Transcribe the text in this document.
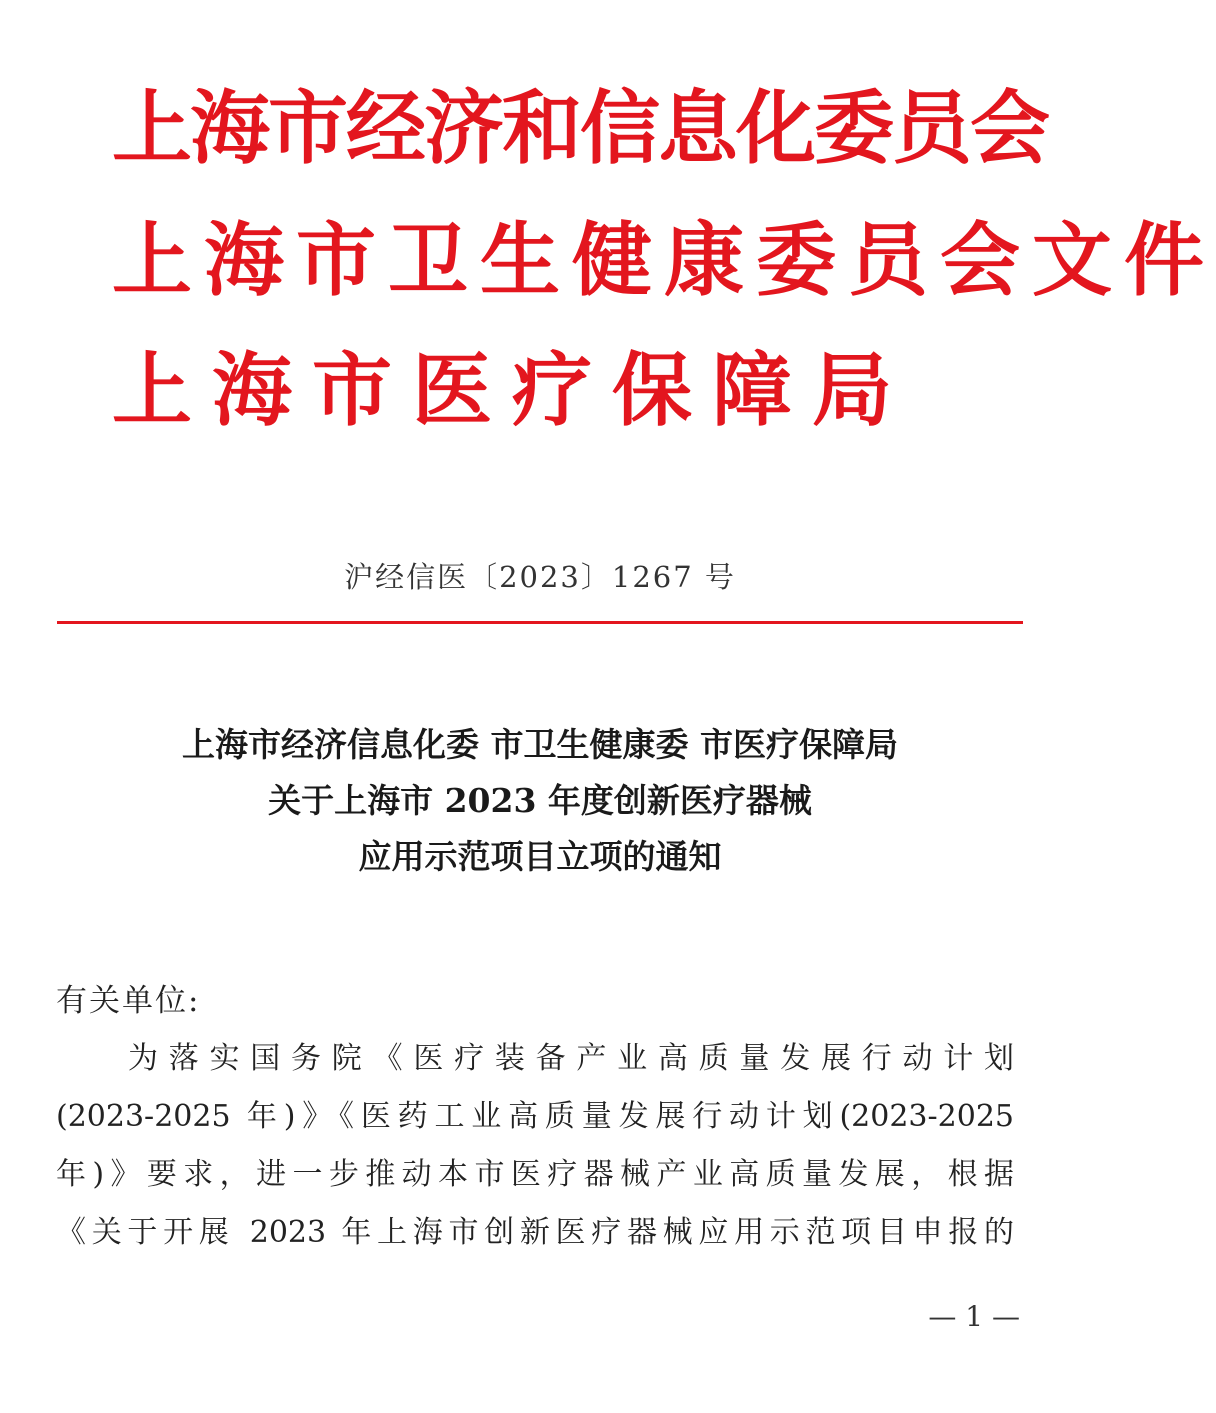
上海市经济和信息化委员会
上海市卫生健康委员会文件
上海市医疗保障局
沪经信医〔2023〕1267 号
上海市经济信息化委 市卫生健康委 市医疗保障局
关于上海市 2023 年度创新医疗器械
应用示范项目立项的通知
有关单位:
为落实国务院《医疗装备产业高质量发展行动计划
(2023-2025 年)》《医药工业高质量发展行动计划(2023-2025
年)》要求，进一步推动本市医疗器械产业高质量发展，根据
《关于开展 2023 年上海市创新医疗器械应用示范项目申报的
— 1 —
